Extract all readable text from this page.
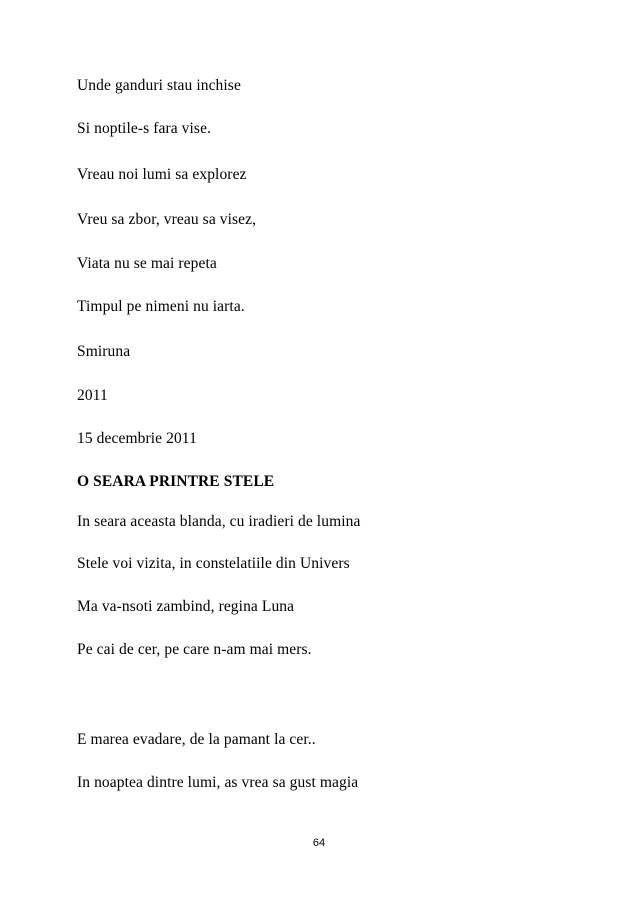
Unde ganduri stau inchise
Si noptile-s fara vise.
Vreau noi lumi sa explorez
Vreu sa zbor, vreau sa visez,
Viata nu se mai repeta
Timpul pe nimeni nu iarta.
Smiruna
2011
15 decembrie 2011
O SEARA PRINTRE STELE
In seara aceasta blanda, cu iradieri de lumina
Stele voi vizita, in constelatiile din Univers
Ma va-nsoti zambind, regina Luna
Pe cai de cer, pe care n-am mai mers.
E marea evadare, de la pamant la cer..
In noaptea dintre lumi, as vrea sa gust magia
64
